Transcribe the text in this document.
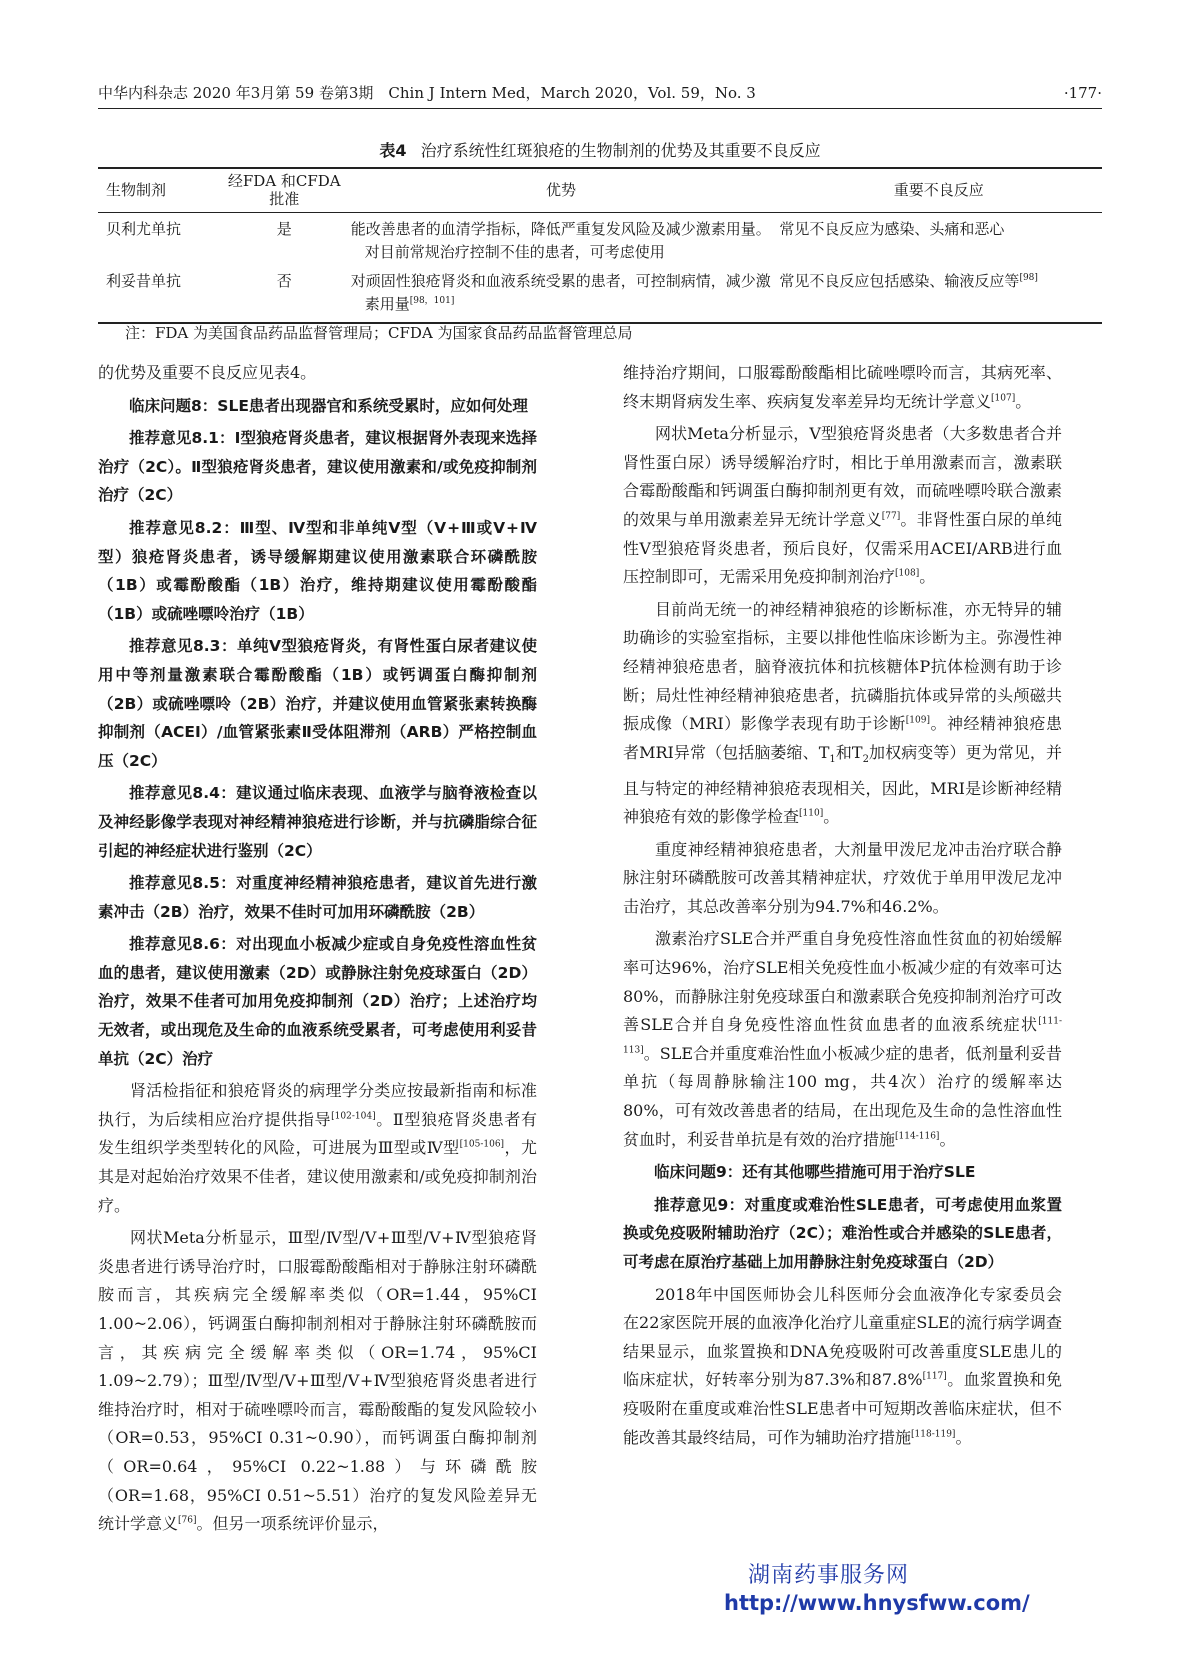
中华内科杂志 2020 年3月第 59 卷第3期　Chin J Intern Med，March 2020，Vol. 59，No. 3	·177·
表4 治疗系统性红斑狼疮的生物制剂的优势及其重要不良反应
生物制剂	经FDA 和CFDA 批准	优势	重要不良反应
贝利尤单抗	是	能改善患者的血清学指标，降低严重复发风险及减少激素用量。对目前常规治疗控制不佳的患者，可考虑使用	常见不良反应为感染、头痛和恶心
利妥昔单抗	否	对顽固性狼疮肾炎和血液系统受累的患者，可控制病情，减少激素用量[98，101]	常见不良反应包括感染、输液反应等[98]
注：FDA 为美国食品药品监督管理局；CFDA 为国家食品药品监督管理总局

的优势及重要不良反应见表4。

临床问题8：SLE患者出现器官和系统受累时，应如何处理

推荐意见8.1：Ⅰ型狼疮肾炎患者，建议根据肾外表现来选择治疗（2C）。Ⅱ型狼疮肾炎患者，建议使用激素和/或免疫抑制剂治疗（2C）

推荐意见8.2：Ⅲ型、Ⅳ型和非单纯Ⅴ型（Ⅴ+Ⅲ或Ⅴ+Ⅳ型）狼疮肾炎患者，诱导缓解期建议使用激素联合环磷酰胺（1B）或霉酚酸酯（1B）治疗，维持期建议使用霉酚酸酯（1B）或硫唑嘌呤治疗（1B）

推荐意见8.3：单纯Ⅴ型狼疮肾炎，有肾性蛋白尿者建议使用中等剂量激素联合霉酚酸酯（1B）或钙调蛋白酶抑制剂（2B）或硫唑嘌呤（2B）治疗，并建议使用血管紧张素转换酶抑制剂（ACEI）/血管紧张素Ⅱ受体阻滞剂（ARB）严格控制血压（2C）

推荐意见8.4：建议通过临床表现、血液学与脑脊液检查以及神经影像学表现对神经精神狼疮进行诊断，并与抗磷脂综合征引起的神经症状进行鉴别（2C）

推荐意见8.5：对重度神经精神狼疮患者，建议首先进行激素冲击（2B）治疗，效果不佳时可加用环磷酰胺（2B）

推荐意见8.6：对出现血小板减少症或自身免疫性溶血性贫血的患者，建议使用激素（2D）或静脉注射免疫球蛋白（2D）治疗，效果不佳者可加用免疫抑制剂（2D）治疗；上述治疗均无效者，或出现危及生命的血液系统受累者，可考虑使用利妥昔单抗（2C）治疗

肾活检指征和狼疮肾炎的病理学分类应按最新指南和标准执行，为后续相应治疗提供指导[102-104]。Ⅱ型狼疮肾炎患者有发生组织学类型转化的风险，可进展为Ⅲ型或Ⅳ型[105-106]，尤其是对起始治疗效果不佳者，建议使用激素和/或免疫抑制剂治疗。

网状Meta分析显示，Ⅲ型/Ⅳ型/Ⅴ+Ⅲ型/Ⅴ+Ⅳ型狼疮肾炎患者进行诱导治疗时，口服霉酚酸酯相对于静脉注射环磷酰胺而言，其疾病完全缓解率类似（OR=1.44，95%CI 1.00~2.06），钙调蛋白酶抑制剂相对于静脉注射环磷酰胺而言，其疾病完全缓解率类似（OR=1.74，95%CI 1.09~2.79）；Ⅲ型/Ⅳ型/Ⅴ+Ⅲ型/Ⅴ+Ⅳ型狼疮肾炎患者进行维持治疗时，相对于硫唑嘌呤而言，霉酚酸酯的复发风险较小（OR=0.53，95%CI 0.31~0.90），而钙调蛋白酶抑制剂（OR=0.64，95%CI 0.22~1.88）与环磷酰胺（OR=1.68，95%CI 0.51~5.51）治疗的复发风险差异无统计学意义[76]。但另一项系统评价显示，

维持治疗期间，口服霉酚酸酯相比硫唑嘌呤而言，其病死率、终末期肾病发生率、疾病复发率差异均无统计学意义[107]。

网状Meta分析显示，Ⅴ型狼疮肾炎患者（大多数患者合并肾性蛋白尿）诱导缓解治疗时，相比于单用激素而言，激素联合霉酚酸酯和钙调蛋白酶抑制剂更有效，而硫唑嘌呤联合激素的效果与单用激素差异无统计学意义[77]。非肾性蛋白尿的单纯性Ⅴ型狼疮肾炎患者，预后良好，仅需采用ACEI/ARB进行血压控制即可，无需采用免疫抑制剂治疗[108]。

目前尚无统一的神经精神狼疮的诊断标准，亦无特异的辅助确诊的实验室指标，主要以排他性临床诊断为主。弥漫性神经精神狼疮患者，脑脊液抗体和抗核糖体P抗体检测有助于诊断；局灶性神经精神狼疮患者，抗磷脂抗体或异常的头颅磁共振成像（MRI）影像学表现有助于诊断[109]。神经精神狼疮患者MRI异常（包括脑萎缩、$T_1$和$T_2$加权病变等）更为常见，并且与特定的神经精神狼疮表现相关，因此，MRI是诊断神经精神狼疮有效的影像学检查[110]。

重度神经精神狼疮患者，大剂量甲泼尼龙冲击治疗联合静脉注射环磷酰胺可改善其精神症状，疗效优于单用甲泼尼龙冲击治疗，其总改善率分别为94.7%和46.2%。

激素治疗SLE合并严重自身免疫性溶血性贫血的初始缓解率可达96%，治疗SLE相关免疫性血小板减少症的有效率可达80%，而静脉注射免疫球蛋白和激素联合免疫抑制剂治疗可改善SLE合并自身免疫性溶血性贫血患者的血液系统症状[111-113]。SLE合并重度难治性血小板减少症的患者，低剂量利妥昔单抗（每周静脉输注100 mg，共4次）治疗的缓解率达80%，可有效改善患者的结局，在出现危及生命的急性溶血性贫血时，利妥昔单抗是有效的治疗措施[114-116]。

临床问题9：还有其他哪些措施可用于治疗SLE

推荐意见9：对重度或难治性SLE患者，可考虑使用血浆置换或免疫吸附辅助治疗（2C）；难治性或合并感染的SLE患者，可考虑在原治疗基础上加用静脉注射免疫球蛋白（2D）

2018年中国医师协会儿科医师分会血液净化专家委员会在22家医院开展的血液净化治疗儿童重症SLE的流行病学调查结果显示，血浆置换和DNA免疫吸附可改善重度SLE患儿的临床症状，好转率分别为87.3%和87.8%[117]。血浆置换和免疫吸附在重度或难治性SLE患者中可短期改善临床症状，但不能改善其最终结局，可作为辅助治疗措施[118-119]。

湖南药事服务网
http://www.hnysfww.com/
